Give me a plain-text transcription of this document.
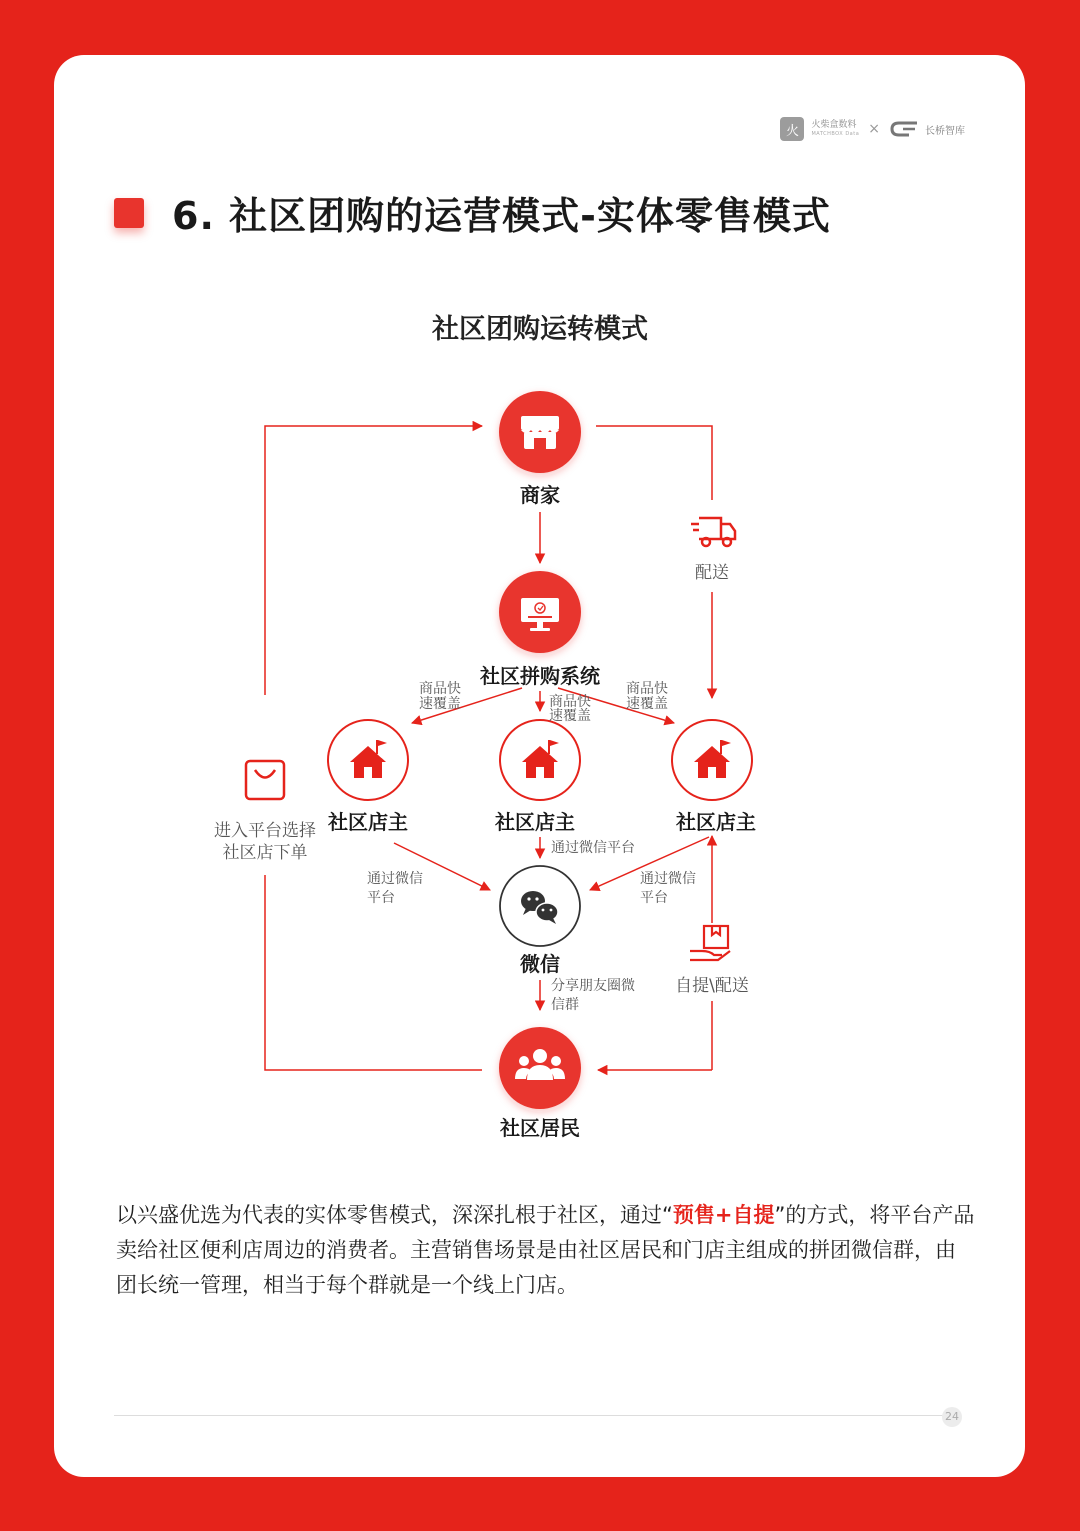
火	火柴盒数料
MATCHBOX Data ×	长桥智库
6. 社区团购的运营模式-实体零售模式
社区团购运转模式
商家
社区拼购系统
社区店主	社区店主	社区店主
微信
社区居民
配送
进入平台选择
社区店下单
自提\配送
商品快
速覆盖	商品快
速覆盖
商品快
速覆盖
通过微信平台
通过微信
平台
通过微信
平台
分享朋友圈微
信群

以兴盛优选为代表的实体零售模式，深深扎根于社区，通过“预售+自提”的方式，将平台产品卖给社区便利店周边的消费者。主营销售场景是由社区居民和门店主组成的拼团微信群，由团长统一管理，相当于每个群就是一个线上门店。

24
